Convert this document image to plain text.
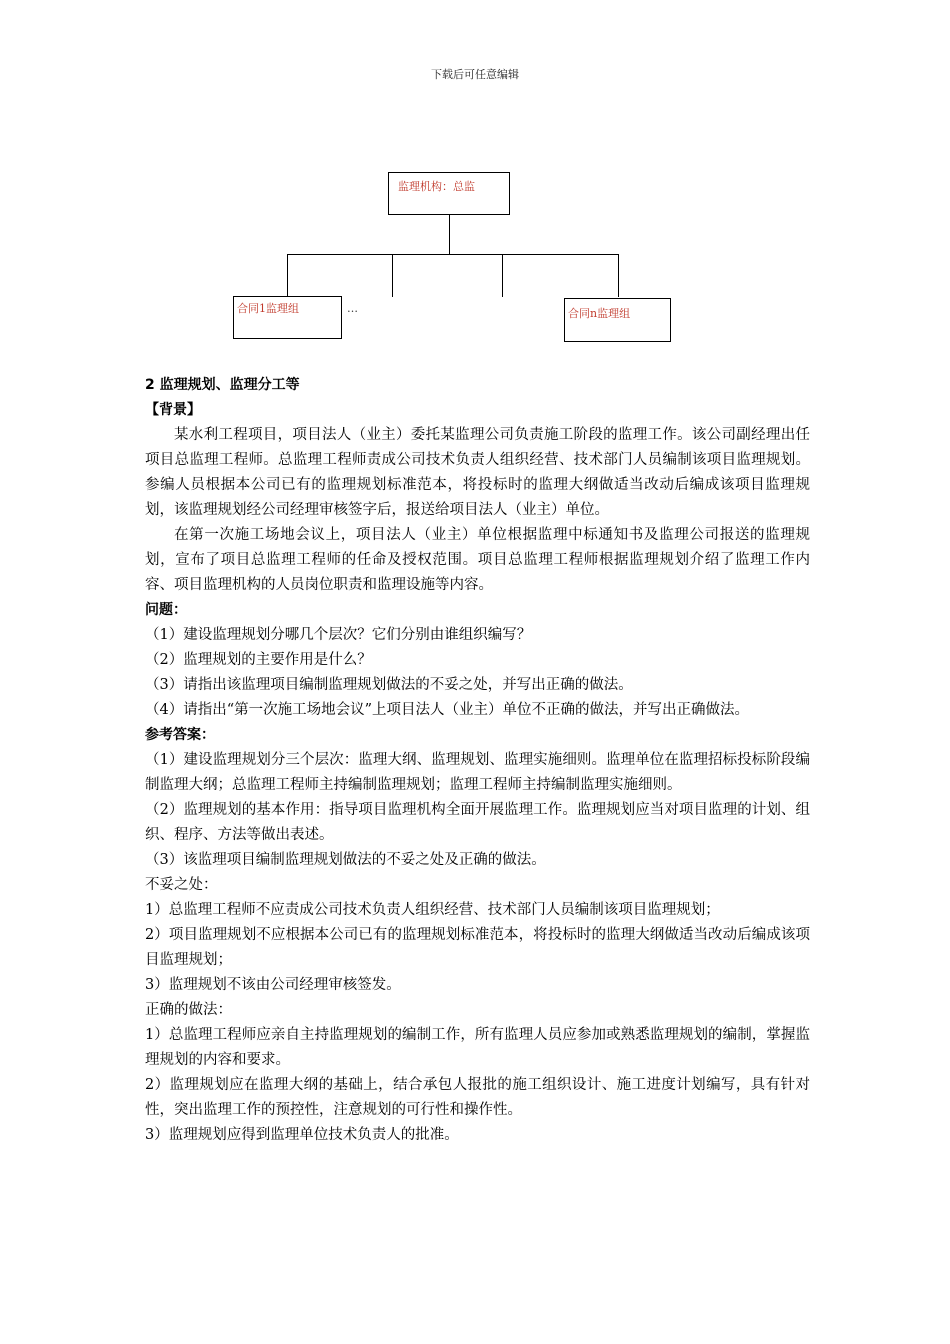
下载后可任意编辑
监理机构：总监
合同1监理组	…	合同n监理组

2 监理规划、监理分工等

【背景】

某水利工程项目，项目法人（业主）委托某监理公司负责施工阶段的监理工作。该公司副经理出任项目总监理工程师。总监理工程师责成公司技术负责人组织经营、技术部门人员编制该项目监理规划。参编人员根据本公司已有的监理规划标准范本，将投标时的监理大纲做适当改动后编成该项目监理规划，该监理规划经公司经理审核签字后，报送给项目法人（业主）单位。

在第一次施工场地会议上，项目法人（业主）单位根据监理中标通知书及监理公司报送的监理规划，宣布了项目总监理工程师的任命及授权范围。项目总监理工程师根据监理规划介绍了监理工作内容、项目监理机构的人员岗位职责和监理设施等内容。

问题：

（1）建设监理规划分哪几个层次？它们分别由谁组织编写？

（2）监理规划的主要作用是什么？

（3）请指出该监理项目编制监理规划做法的不妥之处，并写出正确的做法。

（4）请指出“第一次施工场地会议”上项目法人（业主）单位不正确的做法，并写出正确做法。

参考答案：

（1）建设监理规划分三个层次：监理大纲、监理规划、监理实施细则。监理单位在监理招标投标阶段编制监理大纲；总监理工程师主持编制监理规划；监理工程师主持编制监理实施细则。

（2）监理规划的基本作用：指导项目监理机构全面开展监理工作。监理规划应当对项目监理的计划、组织、程序、方法等做出表述。

（3）该监理项目编制监理规划做法的不妥之处及正确的做法。

不妥之处：

1）总监理工程师不应责成公司技术负责人组织经营、技术部门人员编制该项目监理规划；

2）项目监理规划不应根据本公司已有的监理规划标准范本，将投标时的监理大纲做适当改动后编成该项目监理规划；

3）监理规划不该由公司经理审核签发。

正确的做法：

1）总监理工程师应亲自主持监理规划的编制工作，所有监理人员应参加或熟悉监理规划的编制，掌握监理规划的内容和要求。

2）监理规划应在监理大纲的基础上，结合承包人报批的施工组织设计、施工进度计划编写，具有针对性，突出监理工作的预控性，注意规划的可行性和操作性。

3）监理规划应得到监理单位技术负责人的批准。
